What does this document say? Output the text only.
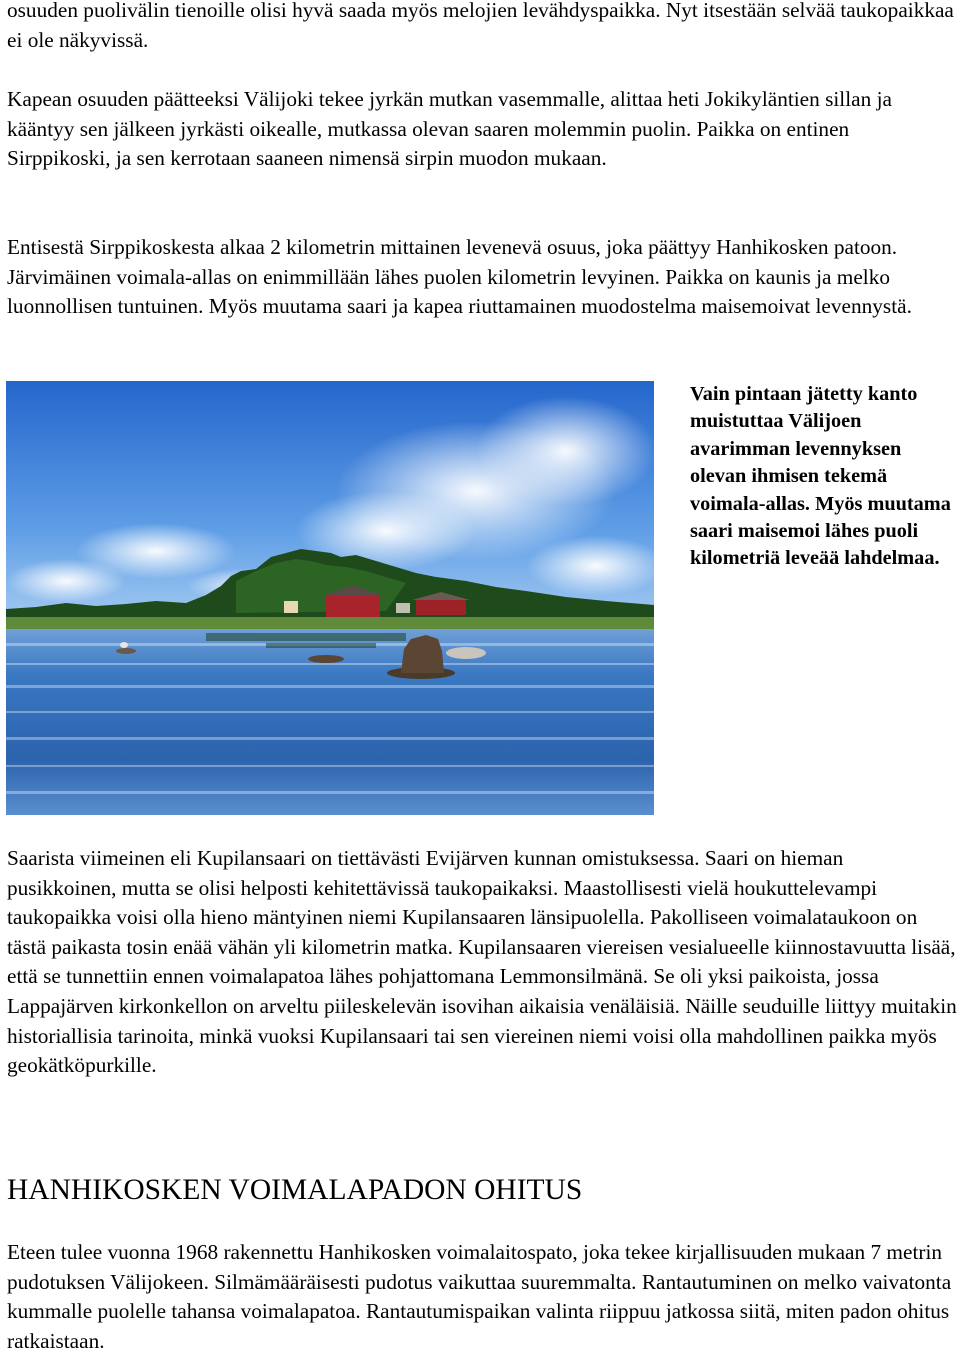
osuuden puolivälin tienoille olisi hyvä saada myös melojien levähdyspaikka. Nyt itsestään selvää taukopaikkaa ei ole näkyvissä.

Kapean osuuden päätteeksi Välijoki tekee jyrkän mutkan vasemmalle, alittaa heti Jokikyläntien sillan ja kääntyy sen jälkeen jyrkästi oikealle, mutkassa olevan saaren molemmin puolin. Paikka on entinen Sirppikoski, ja sen kerrotaan saaneen nimensä sirpin muodon mukaan.

Entisestä Sirppikoskesta alkaa 2 kilometrin mittainen levenevä osuus, joka päättyy Hanhikosken patoon. Järvimäinen voimala-allas on enimmillään lähes puolen kilometrin levyinen. Paikka on kaunis ja melko luonnollisen tuntuinen. Myös muutama saari ja kapea riuttamainen muodostelma maisemoivat levennystä.

Vain pintaan jätetty kanto muistuttaa Välijoen avarimman levennyksen olevan ihmisen tekemä voimala-allas. Myös muutama saari maisemoi lähes puoli kilometriä leveää lahdelmaa.

Saarista viimeinen eli Kupilansaari on tiettävästi Evijärven kunnan omistuksessa. Saari on hieman pusikkoinen, mutta se olisi helposti kehitettävissä taukopaikaksi. Maastollisesti vielä houkuttelevampi taukopaikka voisi olla hieno mäntyinen niemi Kupilansaaren länsipuolella. Pakolliseen voimalataukoon on tästä paikasta tosin enää vähän yli kilometrin matka. Kupilansaaren viereisen vesialueelle kiinnostavuutta lisää, että se tunnettiin ennen voimalapatoa lähes pohjattomana Lemmonsilmänä. Se oli yksi paikoista, jossa Lappajärven kirkonkellon on arveltu piileskelevän isovihan aikaisia venäläisiä. Näille seuduille liittyy muitakin historiallisia tarinoita, minkä vuoksi Kupilansaari tai sen viereinen niemi voisi olla mahdollinen paikka myös geokätköpurkille.

HANHIKOSKEN VOIMALAPADON OHITUS

Eteen tulee vuonna 1968 rakennettu Hanhikosken voimalaitospato, joka tekee kirjallisuuden mukaan 7 metrin pudotuksen Välijokeen. Silmämääräisesti pudotus vaikuttaa suuremmalta. Rantautuminen on melko vaivatonta kummalle puolelle tahansa voimalapatoa. Rantautumispaikan valinta riippuu jatkossa siitä, miten padon ohitus ratkaistaan.
